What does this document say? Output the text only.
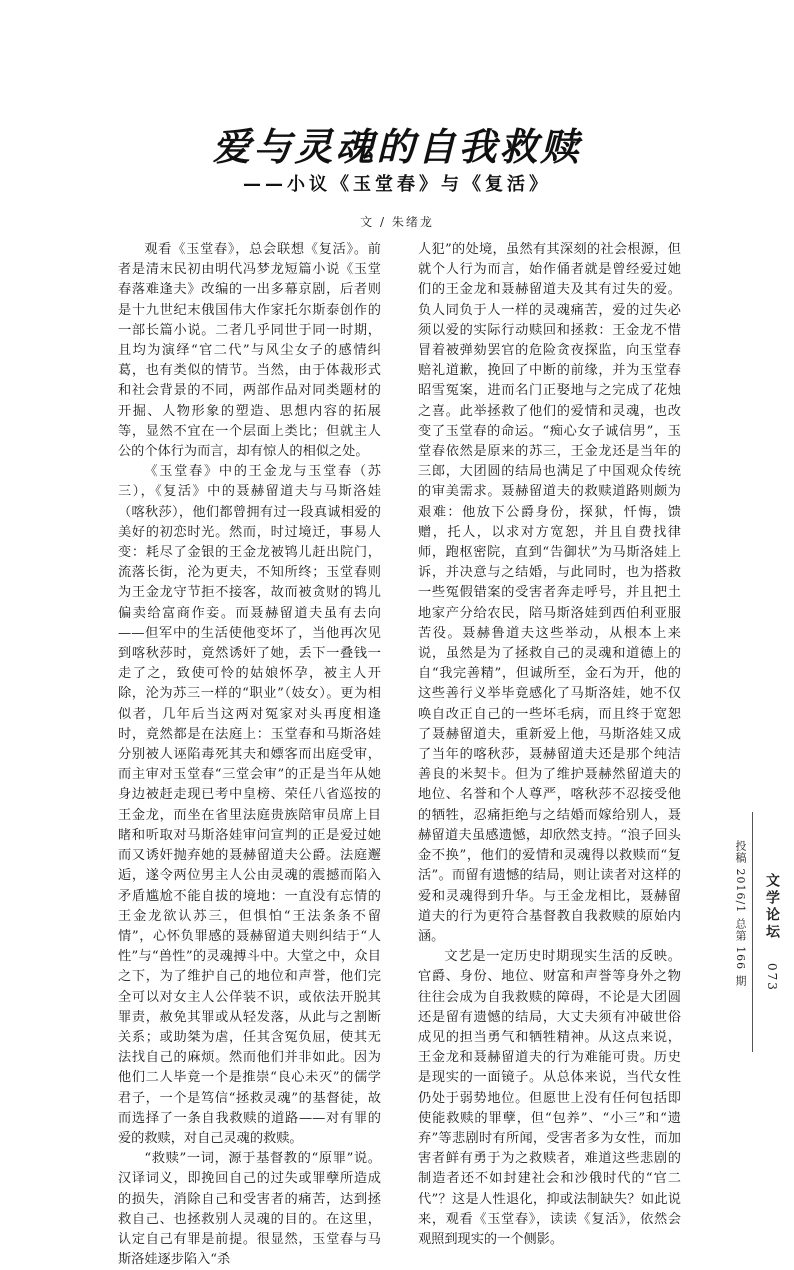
爱与灵魂的自我救赎
——小议《玉堂春》与《复活》
文 / 朱绪龙

观看《玉堂春》，总会联想《复活》。前者是清末民初由明代冯梦龙短篇小说《玉堂春落难逢夫》改编的一出多幕京剧，后者则是十九世纪末俄国伟大作家托尔斯泰创作的一部长篇小说。二者几乎同世于同一时期，且均为演绎“官二代”与风尘女子的感情纠葛，也有类似的情节。当然，由于体裁形式和社会背景的不同，两部作品对同类题材的开掘、人物形象的塑造、思想内容的拓展等，显然不宜在一个层面上类比；但就主人公的个体行为而言，却有惊人的相似之处。

《玉堂春》中的王金龙与玉堂春（苏三），《复活》中的聂赫留道夫与马斯洛娃（喀秋莎），他们都曾拥有过一段真诚相爱的美好的初恋时光。然而，时过境迁，事易人变：耗尽了金银的王金龙被鸨儿赶出院门，流落长街，沦为更夫，不知所终；玉堂春则为王金龙守节拒不接客，故而被贪财的鸨儿偏卖给富商作妾。而聂赫留道夫虽有去向——但军中的生活使他变坏了，当他再次见到喀秋莎时，竟然诱奸了她，丢下一叠钱一走了之，致使可怜的姑娘怀孕，被主人开除，沦为苏三一样的“职业”（妓女）。更为相似者，几年后当这两对冤家对头再度相逢时，竟然都是在法庭上：玉堂春和马斯洛娃分别被人诬陷毒死其夫和嫖客而出庭受审，而主审对玉堂春“三堂会审”的正是当年从她身边被赶走现已考中皇榜、荣任八省巡按的王金龙，而坐在省里法庭贵族陪审员席上目睹和听取对马斯洛娃审问宣判的正是爱过她而又诱奸抛弃她的聂赫留道夫公爵。法庭邂逅，遂令两位男主人公由灵魂的震撼而陷入矛盾尴尬不能自拔的境地：一直没有忘情的王金龙欲认苏三，但惧怕“王法条条不留情”，心怀负罪感的聂赫留道夫则纠结于“人性”与“兽性”的灵魂搏斗中。大堂之中，众目之下，为了维护自己的地位和声誉，他们完全可以对女主人公佯装不识，或依法开脱其罪责，赦免其罪或从轻发落，从此与之割断关系；或助桀为虐，任其含冤负屈，使其无法找自己的麻烦。然而他们并非如此。因为他们二人毕竟一个是推崇“良心未灭”的儒学君子，一个是笃信“拯救灵魂”的基督徒，故而选择了一条自我救赎的道路——对有罪的爱的救赎，对自己灵魂的救赎。

“救赎”一词，源于基督教的“原罪”说。汉译词义，即挽回自己的过失或罪孽所造成的损失，消除自己和受害者的痛苦，达到拯救自己、也拯救别人灵魂的目的。在这里，认定自己有罪是前提。很显然，玉堂春与马斯洛娃逐步陷入“杀

人犯”的处境，虽然有其深刻的社会根源，但就个人行为而言，始作俑者就是曾经爱过她们的王金龙和聂赫留道夫及其有过失的爱。负人同负于人一样的灵魂痛苦，爱的过失必须以爱的实际行动赎回和拯救：王金龙不惜冒着被弹劾罢官的危险贪夜探监，向玉堂春赔礼道歉，挽回了中断的前缘，并为玉堂春昭雪冤案，进而名门正娶地与之完成了花烛之喜。此举拯救了他们的爱情和灵魂，也改变了玉堂春的命运。“痴心女子诚信男”，玉堂春依然是原来的苏三，王金龙还是当年的三郎，大团圆的结局也满足了中国观众传统的审美需求。聂赫留道夫的救赎道路则颇为艰难：他放下公爵身份，探狱，忏悔，馈赠，托人，以求对方宽恕，并且自费找律师，跑枢密院，直到“告御状”为马斯洛娃上诉，并决意与之结婚，与此同时，也为搭救一些冤假错案的受害者奔走呼号，并且把土地家产分给农民，陪马斯洛娃到西伯利亚服苦役。聂赫鲁道夫这些举动，从根本上来说，虽然是为了拯救自己的灵魂和道德上的自“我完善精”，但诚所至，金石为开，他的这些善行义举毕竟感化了马斯洛娃，她不仅唤自改正自己的一些坏毛病，而且终于宽恕了聂赫留道夫，重新爱上他，马斯洛娃又成了当年的喀秋莎，聂赫留道夫还是那个纯洁善良的米契卡。但为了维护聂赫然留道夫的地位、名誉和个人尊严，喀秋莎不忍接受他的牺牲，忍痛拒绝与之结婚而嫁给别人，聂赫留道夫虽感遗憾，却欣然支持。“浪子回头金不换”，他们的爱情和灵魂得以救赎而“复活”。而留有遗憾的结局，则让读者对这样的爱和灵魂得到升华。与王金龙相比，聂赫留道夫的行为更符合基督教自我救赎的原始内涵。

文艺是一定历史时期现实生活的反映。官爵、身份、地位、财富和声誉等身外之物往往会成为自我救赎的障碍，不论是大团圆还是留有遗憾的结局，大丈夫须有冲破世俗成见的担当勇气和牺牲精神。从这点来说，王金龙和聂赫留道夫的行为难能可贵。历史是现实的一面镜子。从总体来说，当代女性仍处于弱势地位。但愿世上没有任何包括即使能救赎的罪孽，但“包养”、“小三”和“遗弃”等悲剧时有所闻，受害者多为女性，而加害者鲜有勇于为之救赎者，难道这些悲剧的制造者还不如封建社会和沙俄时代的“官二代”？这是人性退化，抑或法制缺失？如此说来，观看《玉堂春》，读读《复活》，依然会观照到现实的一个侧影。

投稿 2016/1 总第 166 期 文学论坛
073
